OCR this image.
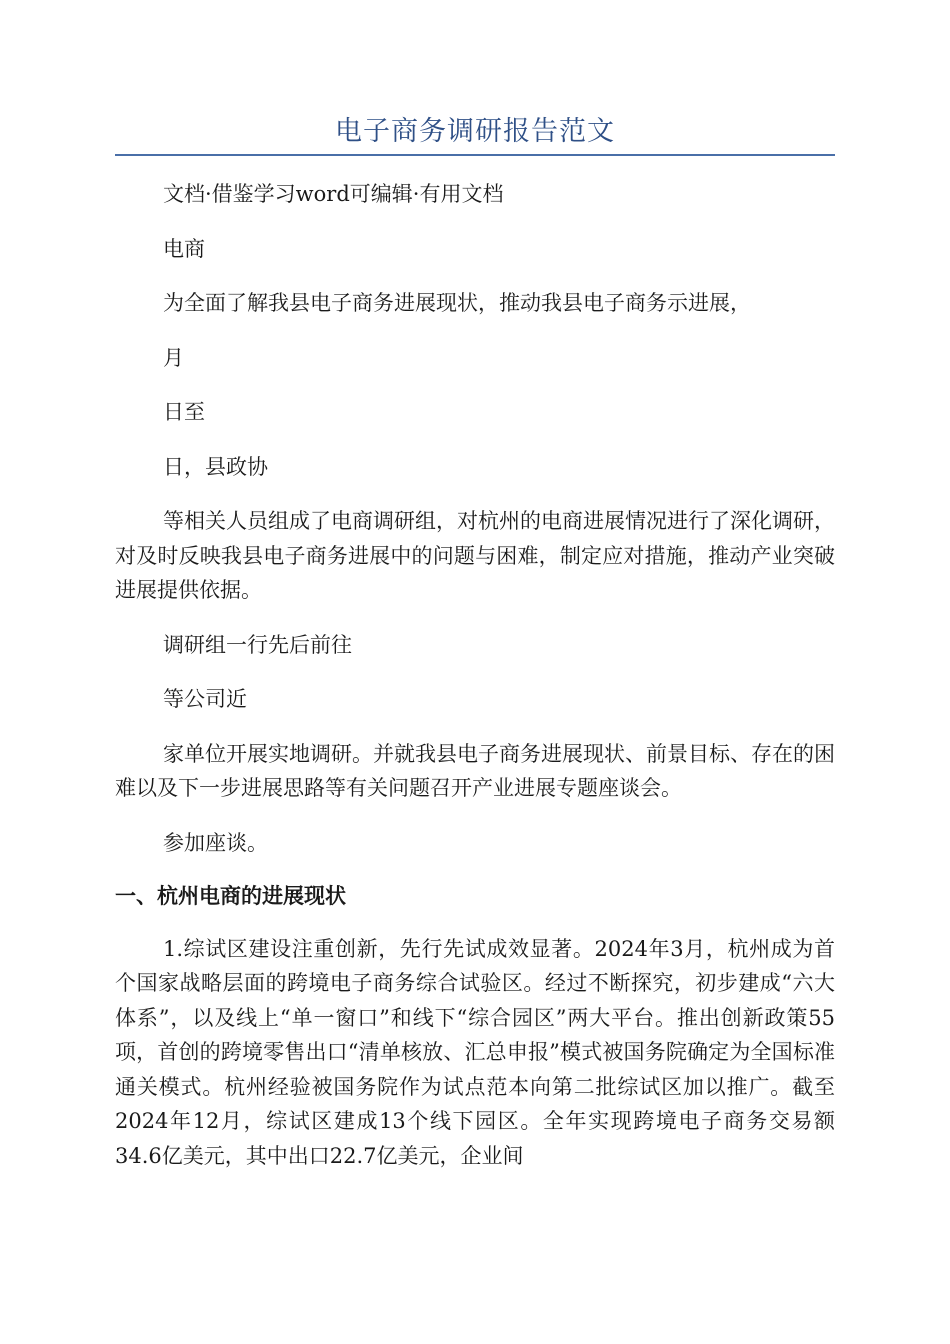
电子商务调研报告范文

文档·借鉴学习word可编辑·有用文档

电商

为全面了解我县电子商务进展现状，推动我县电子商务示进展，

月

日至

日，县政协

等相关人员组成了电商调研组，对杭州的电商进展情况进行了深化调研，对及时反映我县电子商务进展中的问题与困难，制定应对措施，推动产业突破进展提供依据。

调研组一行先后前往

等公司近

家单位开展实地调研。并就我县电子商务进展现状、前景目标、存在的困难以及下一步进展思路等有关问题召开产业进展专题座谈会。

参加座谈。

一、杭州电商的进展现状

1.综试区建设注重创新，先行先试成效显著。2024年3月，杭州成为首个国家战略层面的跨境电子商务综合试验区。经过不断探究，初步建成“六大体系”，以及线上“单一窗口”和线下“综合园区”两大平台。推出创新政策55项，首创的跨境零售出口“清单核放、汇总申报”模式被国务院确定为全国标准通关模式。杭州经验被国务院作为试点范本向第二批综试区加以推广。截至2024年12月，综试区建成13个线下园区。全年实现跨境电子商务交易额34.6亿美元，其中出口22.7亿美元，企业间
